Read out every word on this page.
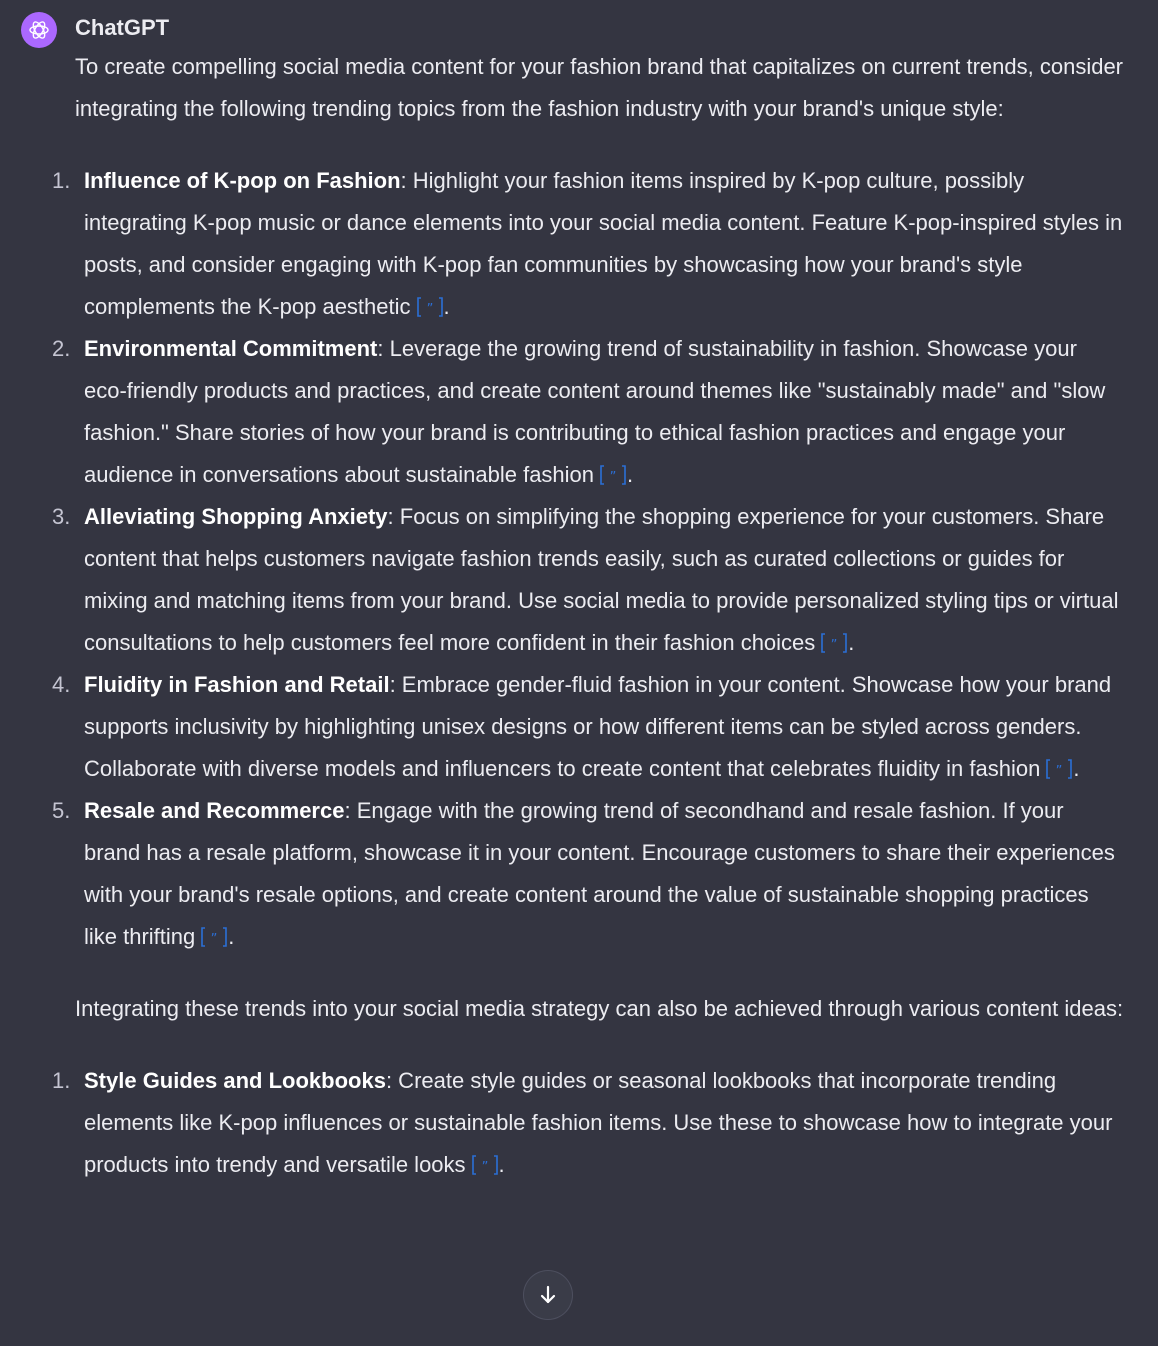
ChatGPT

To create compelling social media content for your fashion brand that capitalizes on current trends, consider integrating the following trending topics from the fashion industry with your brand's unique style:

1. Influence of K-pop on Fashion: Highlight your fashion items inspired by K-pop culture, possibly integrating K-pop music or dance elements into your social media content. Feature K-pop-inspired styles in posts, and consider engaging with K-pop fan communities by showcasing how your brand's style complements the K-pop aesthetic ” .
2. Environmental Commitment: Leverage the growing trend of sustainability in fashion. Showcase your eco-friendly products and practices, and create content around themes like "sustainably made" and "slow fashion." Share stories of how your brand is contributing to ethical fashion practices and engage your audience in conversations about sustainable fashion ” .
3. Alleviating Shopping Anxiety: Focus on simplifying the shopping experience for your customers. Share content that helps customers navigate fashion trends easily, such as curated collections or guides for mixing and matching items from your brand. Use social media to provide personalized styling tips or virtual consultations to help customers feel more confident in their fashion choices ” .
4. Fluidity in Fashion and Retail: Embrace gender-fluid fashion in your content. Showcase how your brand supports inclusivity by highlighting unisex designs or how different items can be styled across genders. Collaborate with diverse models and influencers to create content that celebrates fluidity in fashion ” .
5. Resale and Recommerce: Engage with the growing trend of secondhand and resale fashion. If your brand has a resale platform, showcase it in your content. Encourage customers to share their experiences with your brand's resale options, and create content around the value of sustainable shopping practices like thrifting ” .

Integrating these trends into your social media strategy can also be achieved through various content ideas:

1. Style Guides and Lookbooks: Create style guides or seasonal lookbooks that incorporate trending elements like K-pop influences or sustainable fashion items. Use these to showcase how to integrate your products into trendy and versatile looks ” .
